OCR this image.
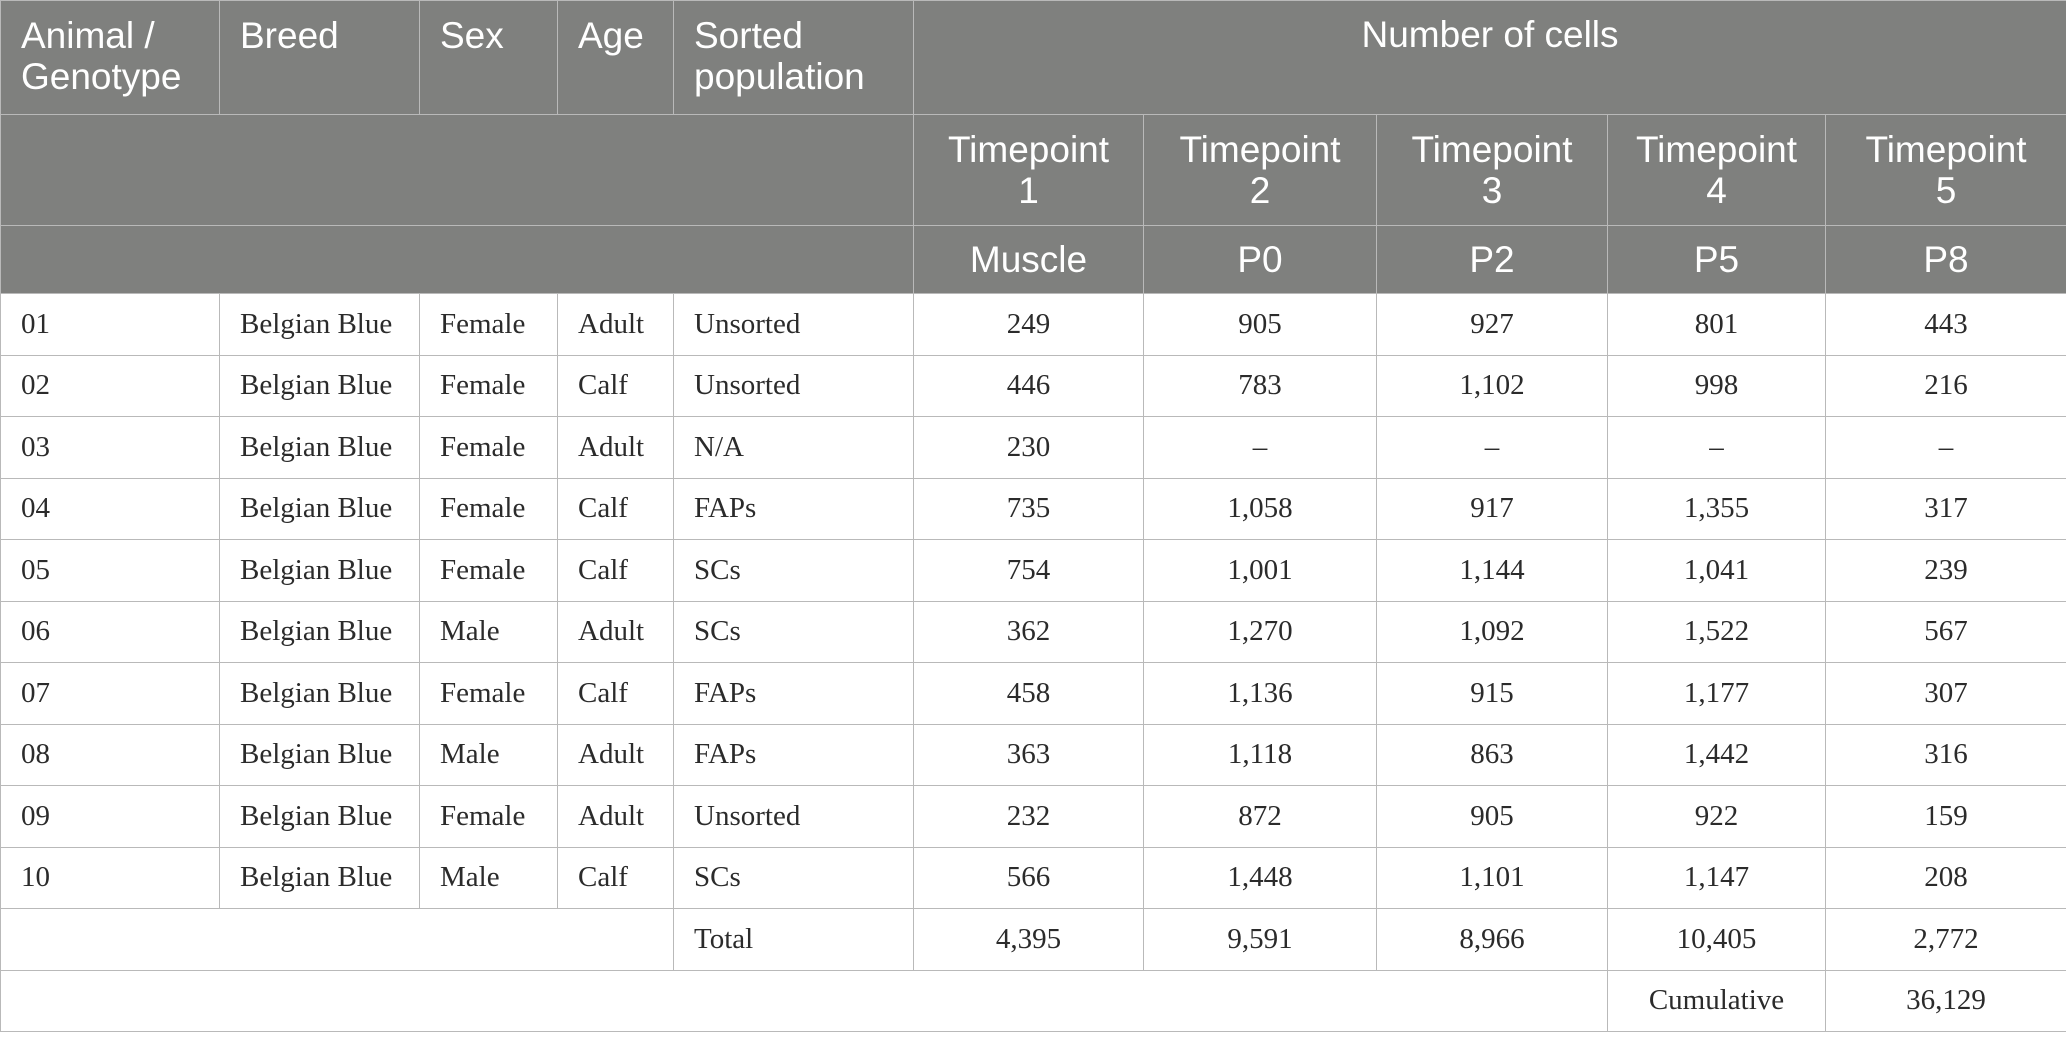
Animal / Genotype	Breed	Sex	Age	Sorted population	Number of cells				
					Timepoint 1	Timepoint 2	Timepoint 3	Timepoint 4	Timepoint 5
					Muscle	P0	P2	P5	P8
01	Belgian Blue	Female	Adult	Unsorted	249	905	927	801	443
02	Belgian Blue	Female	Calf	Unsorted	446	783	1,102	998	216
03	Belgian Blue	Female	Adult	N/A	230	–	–	–	–
04	Belgian Blue	Female	Calf	FAPs	735	1,058	917	1,355	317
05	Belgian Blue	Female	Calf	SCs	754	1,001	1,144	1,041	239
06	Belgian Blue	Male	Adult	SCs	362	1,270	1,092	1,522	567
07	Belgian Blue	Female	Calf	FAPs	458	1,136	915	1,177	307
08	Belgian Blue	Male	Adult	FAPs	363	1,118	863	1,442	316
09	Belgian Blue	Female	Adult	Unsorted	232	872	905	922	159
10	Belgian Blue	Male	Calf	SCs	566	1,448	1,101	1,147	208
				Total	4,395	9,591	8,966	10,405	2,772
								Cumulative	36,129
